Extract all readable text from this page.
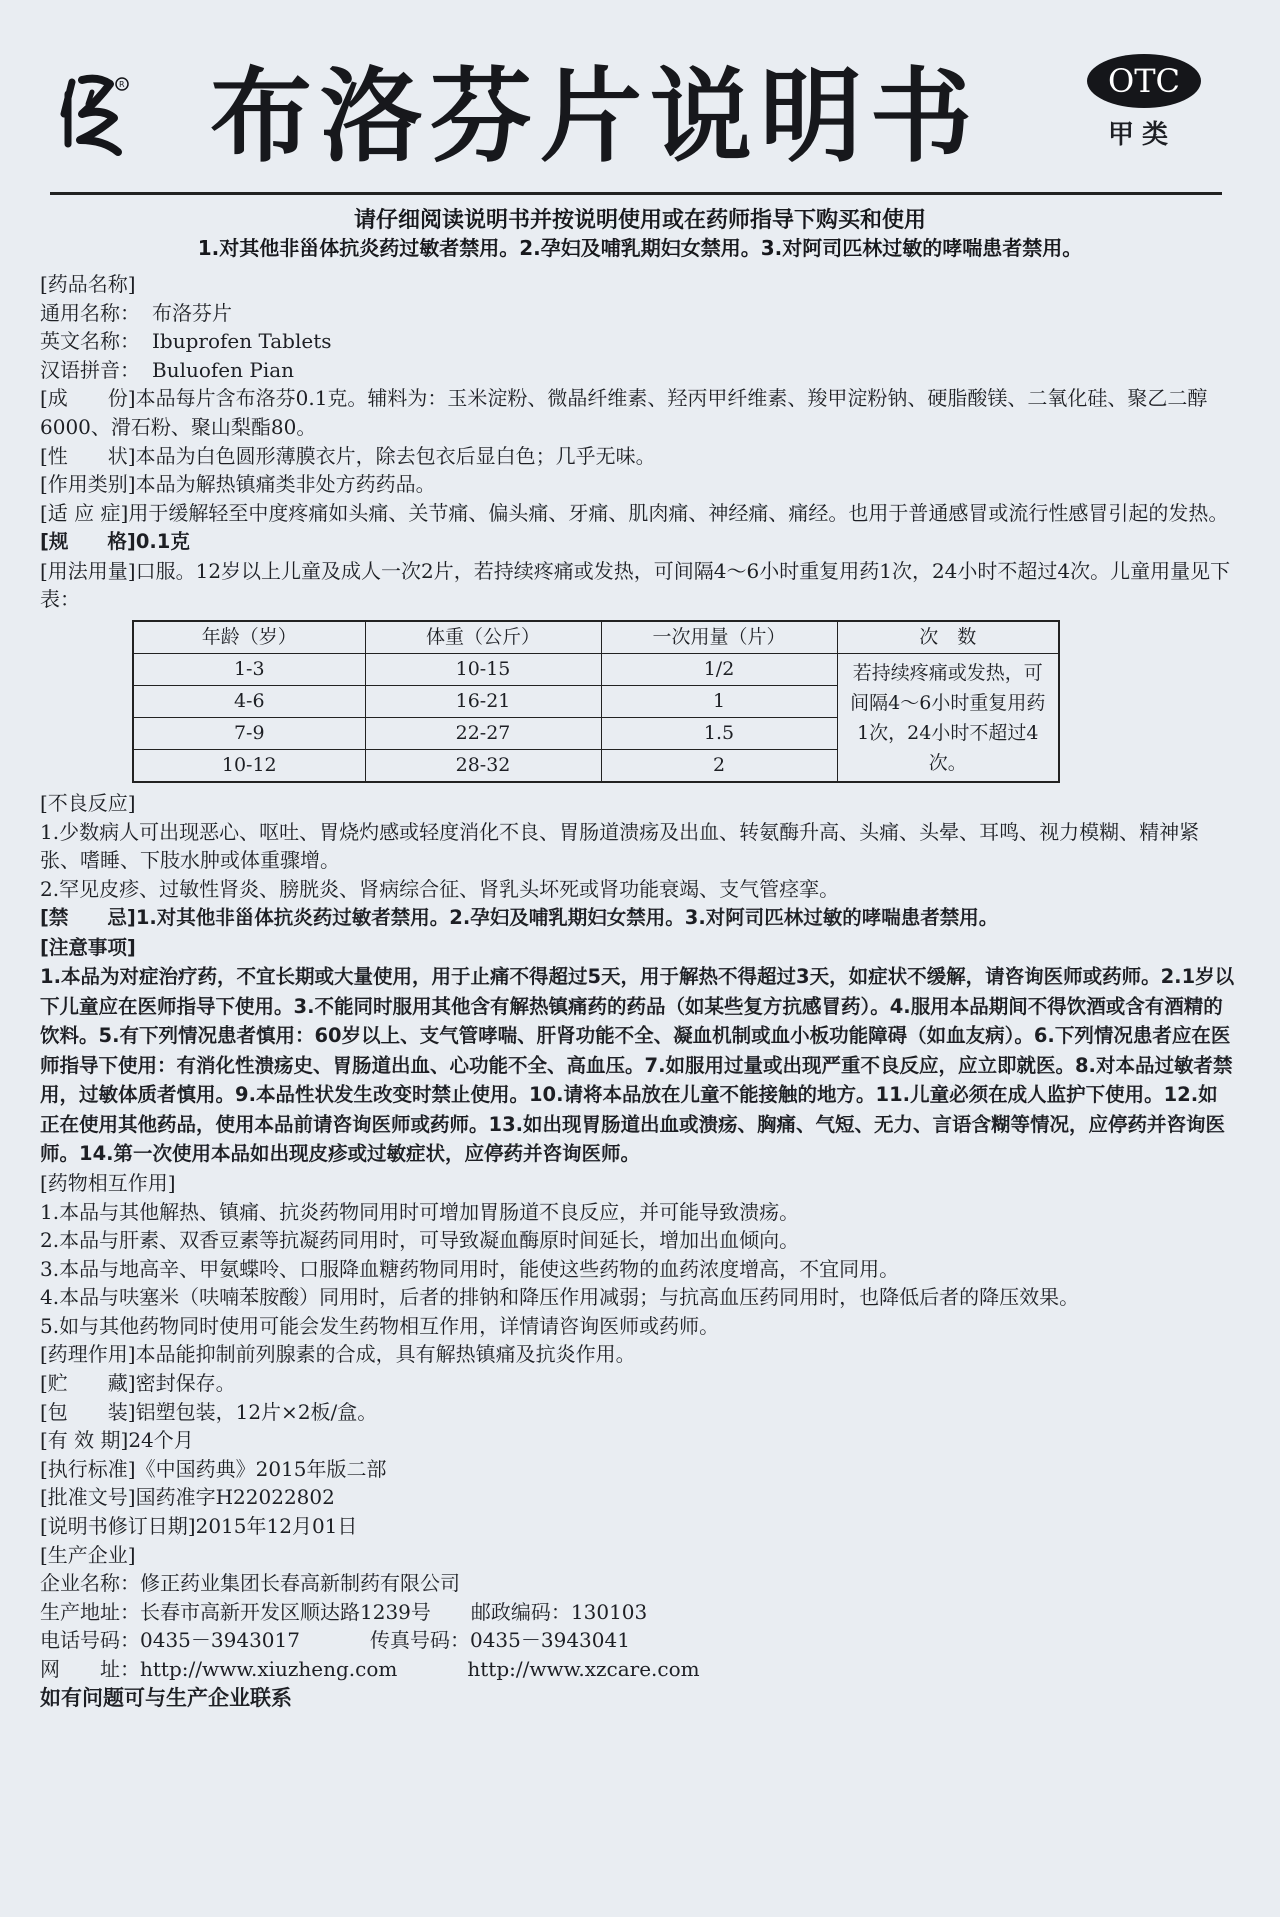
R 布洛芬片说明书	OTC
甲类
请仔细阅读说明书并按说明使用或在药师指导下购买和使用
1.对其他非甾体抗炎药过敏者禁用。2.孕妇及哺乳期妇女禁用。3.对阿司匹林过敏的哮喘患者禁用。
[药品名称]
通用名称： 布洛芬片
英文名称： Ibuprofen Tablets
汉语拼音： Buluofen Pian
[成　　份]本品每片含布洛芬0.1克。辅料为：玉米淀粉、微晶纤维素、羟丙甲纤维素、羧甲淀粉钠、硬脂酸镁、二氧化硅、聚乙二醇6000、滑石粉、聚山梨酯80。
[性　　状]本品为白色圆形薄膜衣片，除去包衣后显白色；几乎无味。
[作用类别]本品为解热镇痛类非处方药药品。
[适 应 症]用于缓解轻至中度疼痛如头痛、关节痛、偏头痛、牙痛、肌肉痛、神经痛、痛经。也用于普通感冒或流行性感冒引起的发热。
[规　　格]0.1克
[用法用量]口服。12岁以上儿童及成人一次2片，若持续疼痛或发热，可间隔4～6小时重复用药1次，24小时不超过4次。儿童用量见下表：
年龄（岁）	体重（公斤）	一次用量（片）	次　数
1-3	10-15	1/2	若持续疼痛或发热，可间隔4～6小时重复用药1次，24小时不超过4次。
4-6	16-21	1	
7-9	22-27	1.5	
10-12	28-32	2	
[不良反应]
1.少数病人可出现恶心、呕吐、胃烧灼感或轻度消化不良、胃肠道溃疡及出血、转氨酶升高、头痛、头晕、耳鸣、视力模糊、精神紧张、嗜睡、下肢水肿或体重骤增。
2.罕见皮疹、过敏性肾炎、膀胱炎、肾病综合征、肾乳头坏死或肾功能衰竭、支气管痉挛。
[禁　　忌]1.对其他非甾体抗炎药过敏者禁用。2.孕妇及哺乳期妇女禁用。3.对阿司匹林过敏的哮喘患者禁用。
[注意事项]
1.本品为对症治疗药，不宜长期或大量使用，用于止痛不得超过5天，用于解热不得超过3天，如症状不缓解，请咨询医师或药师。2.1岁以下儿童应在医师指导下使用。3.不能同时服用其他含有解热镇痛药的药品（如某些复方抗感冒药）。4.服用本品期间不得饮酒或含有酒精的饮料。5.有下列情况患者慎用：60岁以上、支气管哮喘、肝肾功能不全、凝血机制或血小板功能障碍（如血友病）。6.下列情况患者应在医师指导下使用：有消化性溃疡史、胃肠道出血、心功能不全、高血压。7.如服用过量或出现严重不良反应，应立即就医。8.对本品过敏者禁用，过敏体质者慎用。9.本品性状发生改变时禁止使用。10.请将本品放在儿童不能接触的地方。11.儿童必须在成人监护下使用。12.如正在使用其他药品，使用本品前请咨询医师或药师。13.如出现胃肠道出血或溃疡、胸痛、气短、无力、言语含糊等情况，应停药并咨询医师。14.第一次使用本品如出现皮疹或过敏症状，应停药并咨询医师。
[药物相互作用]
1.本品与其他解热、镇痛、抗炎药物同用时可增加胃肠道不良反应，并可能导致溃疡。
2.本品与肝素、双香豆素等抗凝药同用时，可导致凝血酶原时间延长，增加出血倾向。
3.本品与地高辛、甲氨蝶呤、口服降血糖药物同用时，能使这些药物的血药浓度增高，不宜同用。
4.本品与呋塞米（呋喃苯胺酸）同用时，后者的排钠和降压作用减弱；与抗高血压药同用时，也降低后者的降压效果。
5.如与其他药物同时使用可能会发生药物相互作用，详情请咨询医师或药师。
[药理作用]本品能抑制前列腺素的合成，具有解热镇痛及抗炎作用。
[贮　　藏]密封保存。
[包　　装]铝塑包装，12片×2板/盒。
[有 效 期]24个月
[执行标准]《中国药典》2015年版二部
[批准文号]国药准字H22022802
[说明书修订日期]2015年12月01日
[生产企业]
企业名称：修正药业集团长春高新制药有限公司
生产地址：长春市高新开发区顺达路1239号 邮政编码：130103
电话号码：0435－3943017	传真号码：0435－3943041
网　　址：http://www.xiuzheng.com	http://www.xzcare.com
如有问题可与生产企业联系
